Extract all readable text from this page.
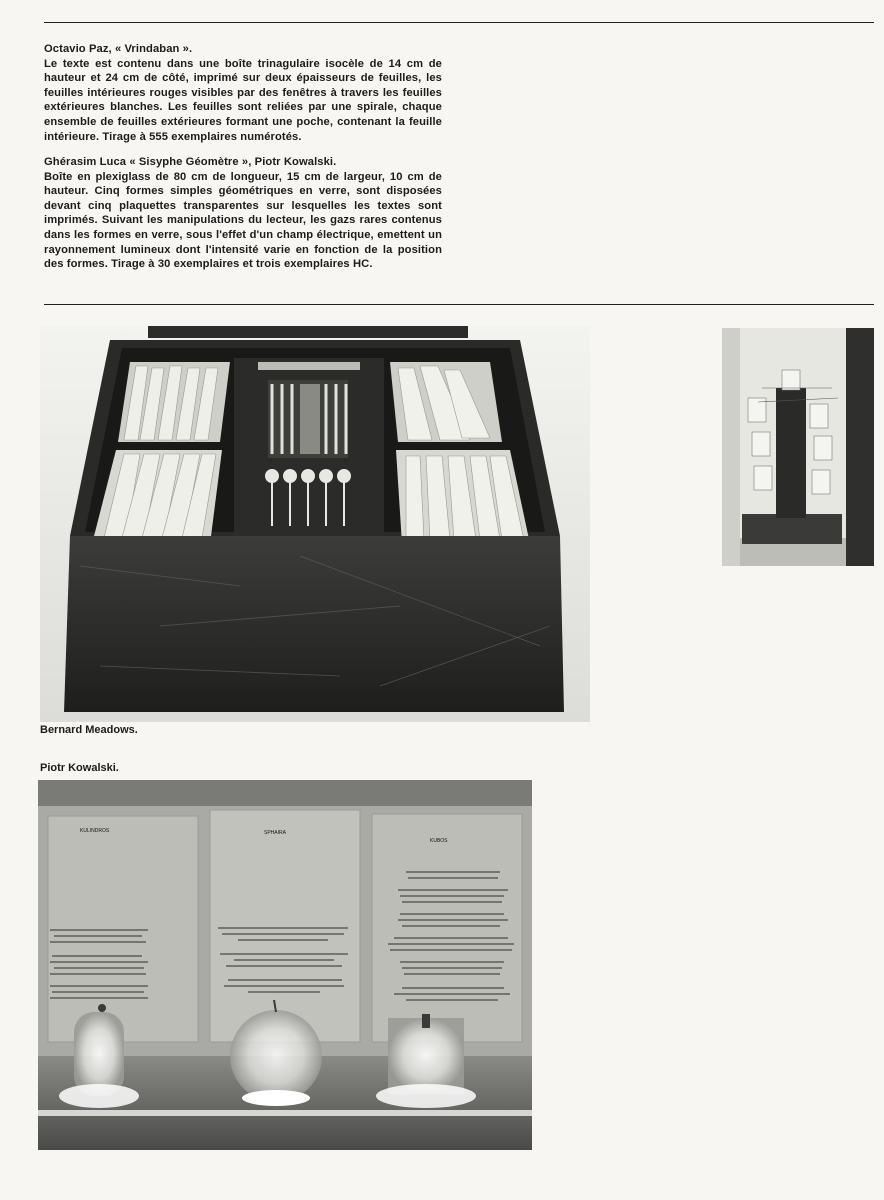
Octavio Paz, « Vrindaban ».

Le texte est contenu dans une boîte trinagulaire isocèle de 14 cm de hauteur et 24 cm de côté, imprimé sur deux épaisseurs de feuilles, les feuilles intérieures rouges visibles par des fenêtres à travers les feuilles extérieures blanches. Les feuilles sont reliées par une spirale, chaque ensemble de feuilles extérieures formant une poche, contenant la feuille intérieure. Tirage à 555 exemplaires numérotés.

Ghérasim Luca « Sisyphe Géomètre », Piotr Kowalski.

Boîte en plexiglass de 80 cm de longueur, 15 cm de largeur, 10 cm de hauteur. Cinq formes simples géométriques en verre, sont disposées devant cinq plaquettes transparentes sur lesquelles les textes sont imprimés. Suivant les manipulations du lecteur, les gazs rares contenus dans les formes en verre, sous l'effet d'un champ électrique, emettent un rayonnement lumineux dont l'intensité varie en fonction de la position des formes. Tirage à 30 exemplaires et trois exemplaires HC.

Bernard Meadows.
Piotr Kowalski.
KULINDROS	SPHAIRA
KUBOS
